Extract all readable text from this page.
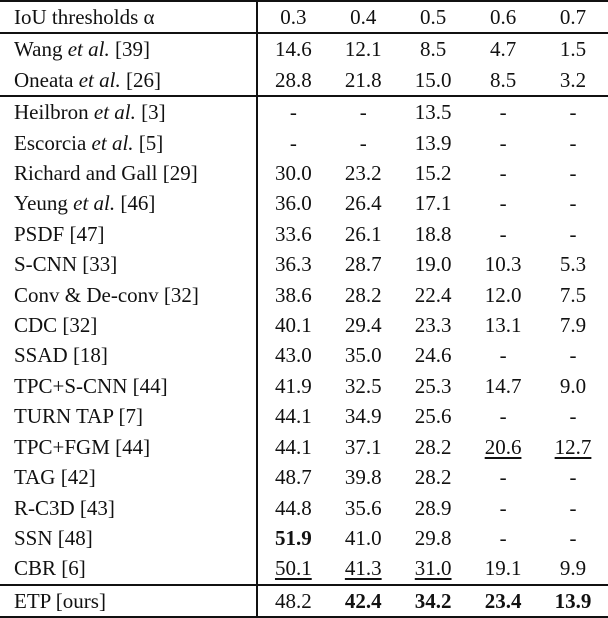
IoU thresholds α	0.3	0.4	0.5	0.6	0.7
Wang et al. [39]	14.6	12.1	8.5	4.7	1.5
Oneata et al. [26]	28.8	21.8	15.0	8.5	3.2
Heilbron et al. [3]	-	-	13.5	-	-
Escorcia et al. [5]	-	-	13.9	-	-
Richard and Gall [29]	30.0	23.2	15.2	-	-
Yeung et al. [46]	36.0	26.4	17.1	-	-
PSDF [47]	33.6	26.1	18.8	-	-
S-CNN [33]	36.3	28.7	19.0	10.3	5.3
Conv & De-conv [32]	38.6	28.2	22.4	12.0	7.5
CDC [32]	40.1	29.4	23.3	13.1	7.9
SSAD [18]	43.0	35.0	24.6	-	-
TPC+S-CNN [44]	41.9	32.5	25.3	14.7	9.0
TURN TAP [7]	44.1	34.9	25.6	-	-
TPC+FGM [44]	44.1	37.1	28.2	20.6	12.7
TAG [42]	48.7	39.8	28.2	-	-
R-C3D [43]	44.8	35.6	28.9	-	-
SSN [48]	51.9	41.0	29.8	-	-
CBR [6]	50.1	41.3	31.0	19.1	9.9
ETP [ours]	48.2	42.4	34.2	23.4	13.9
